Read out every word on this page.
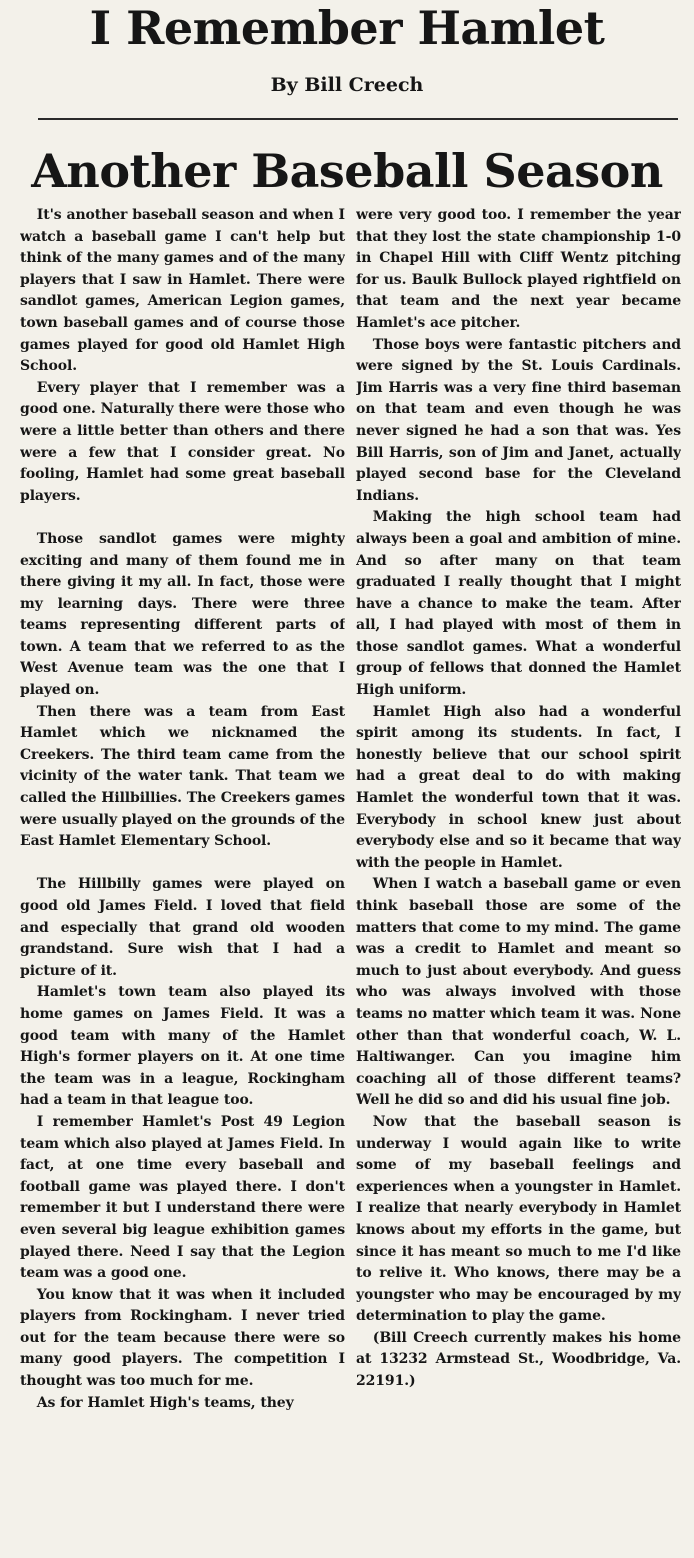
I Remember Hamlet
By Bill Creech
Another Baseball Season

It's another baseball season and when I watch a baseball game I can't help but think of the many games and of the many players that I saw in Hamlet. There were sandlot games, American Legion games, town baseball games and of course those games played for good old Hamlet High School.

Every player that I remember was a good one. Naturally there were those who were a little better than others and there were a few that I consider great. No fooling, Hamlet had some great baseball players.

Those sandlot games were mighty exciting and many of them found me in there giving it my all. In fact, those were my learning days. There were three teams representing different parts of town. A team that we referred to as the West Avenue team was the one that I played on.

Then there was a team from East Hamlet which we nicknamed the Creekers. The third team came from the vicinity of the water tank. That team we called the Hillbillies. The Creekers games were usually played on the grounds of the East Hamlet Elementary School.

The Hillbilly games were played on good old James Field. I loved that field and especially that grand old wooden grandstand. Sure wish that I had a picture of it.

Hamlet's town team also played its home games on James Field. It was a good team with many of the Hamlet High's former players on it. At one time the team was in a league, Rockingham had a team in that league too.

I remember Hamlet's Post 49 Legion team which also played at James Field. In fact, at one time every baseball and football game was played there. I don't remember it but I understand there were even several big league exhibition games played there. Need I say that the Legion team was a good one.

You know that it was when it included players from Rockingham. I never tried out for the team because there were so many good players. The competition I thought was too much for me.

As for Hamlet High's teams, they

were very good too. I remember the year that they lost the state championship 1-0 in Chapel Hill with Cliff Wentz pitching for us. Baulk Bullock played rightfield on that team and the next year became Hamlet's ace pitcher.

Those boys were fantastic pitchers and were signed by the St. Louis Cardinals. Jim Harris was a very fine third baseman on that team and even though he was never signed he had a son that was. Yes Bill Harris, son of Jim and Janet, actually played second base for the Cleveland Indians.

Making the high school team had always been a goal and ambition of mine. And so after many on that team graduated I really thought that I might have a chance to make the team. After all, I had played with most of them in those sandlot games. What a wonderful group of fellows that donned the Hamlet High uniform.

Hamlet High also had a wonderful spirit among its students. In fact, I honestly believe that our school spirit had a great deal to do with making Hamlet the wonderful town that it was. Everybody in school knew just about everybody else and so it became that way with the people in Hamlet.

When I watch a baseball game or even think baseball those are some of the matters that come to my mind. The game was a credit to Hamlet and meant so much to just about everybody. And guess who was always involved with those teams no matter which team it was. None other than that wonderful coach, W. L. Haltiwanger. Can you imagine him coaching all of those different teams? Well he did so and did his usual fine job.

Now that the baseball season is underway I would again like to write some of my baseball feelings and experiences when a youngster in Hamlet. I realize that nearly everybody in Hamlet knows about my efforts in the game, but since it has meant so much to me I'd like to relive it. Who knows, there may be a youngster who may be encouraged by my determination to play the game.

(Bill Creech currently makes his home at 13232 Armstead St., Woodbridge, Va. 22191.)
